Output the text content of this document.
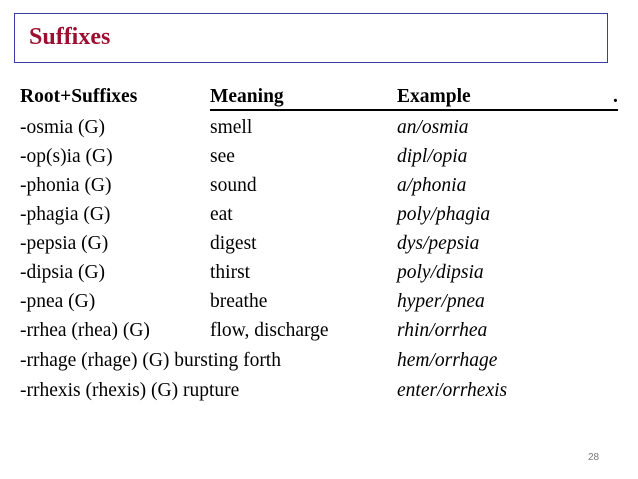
Suffixes
Root+Suffixes	Meaning	Example	.
-osmia (G)	smell	an/osmia
-op(s)ia (G)	see	dipl/opia
-phonia (G)	sound	a/phonia
-phagia (G)	eat	poly/phagia
-pepsia (G)	digest	dys/pepsia
-dipsia (G)	thirst	poly/dipsia
-pnea (G)	breathe	hyper/pnea
-rrhea (rhea) (G)	flow, discharge	rhin/orrhea
-rrhage (rhage) (G) bursting forth	hem/orrhage
-rrhexis (rhexis) (G) rupture	enter/orrhexis
28
